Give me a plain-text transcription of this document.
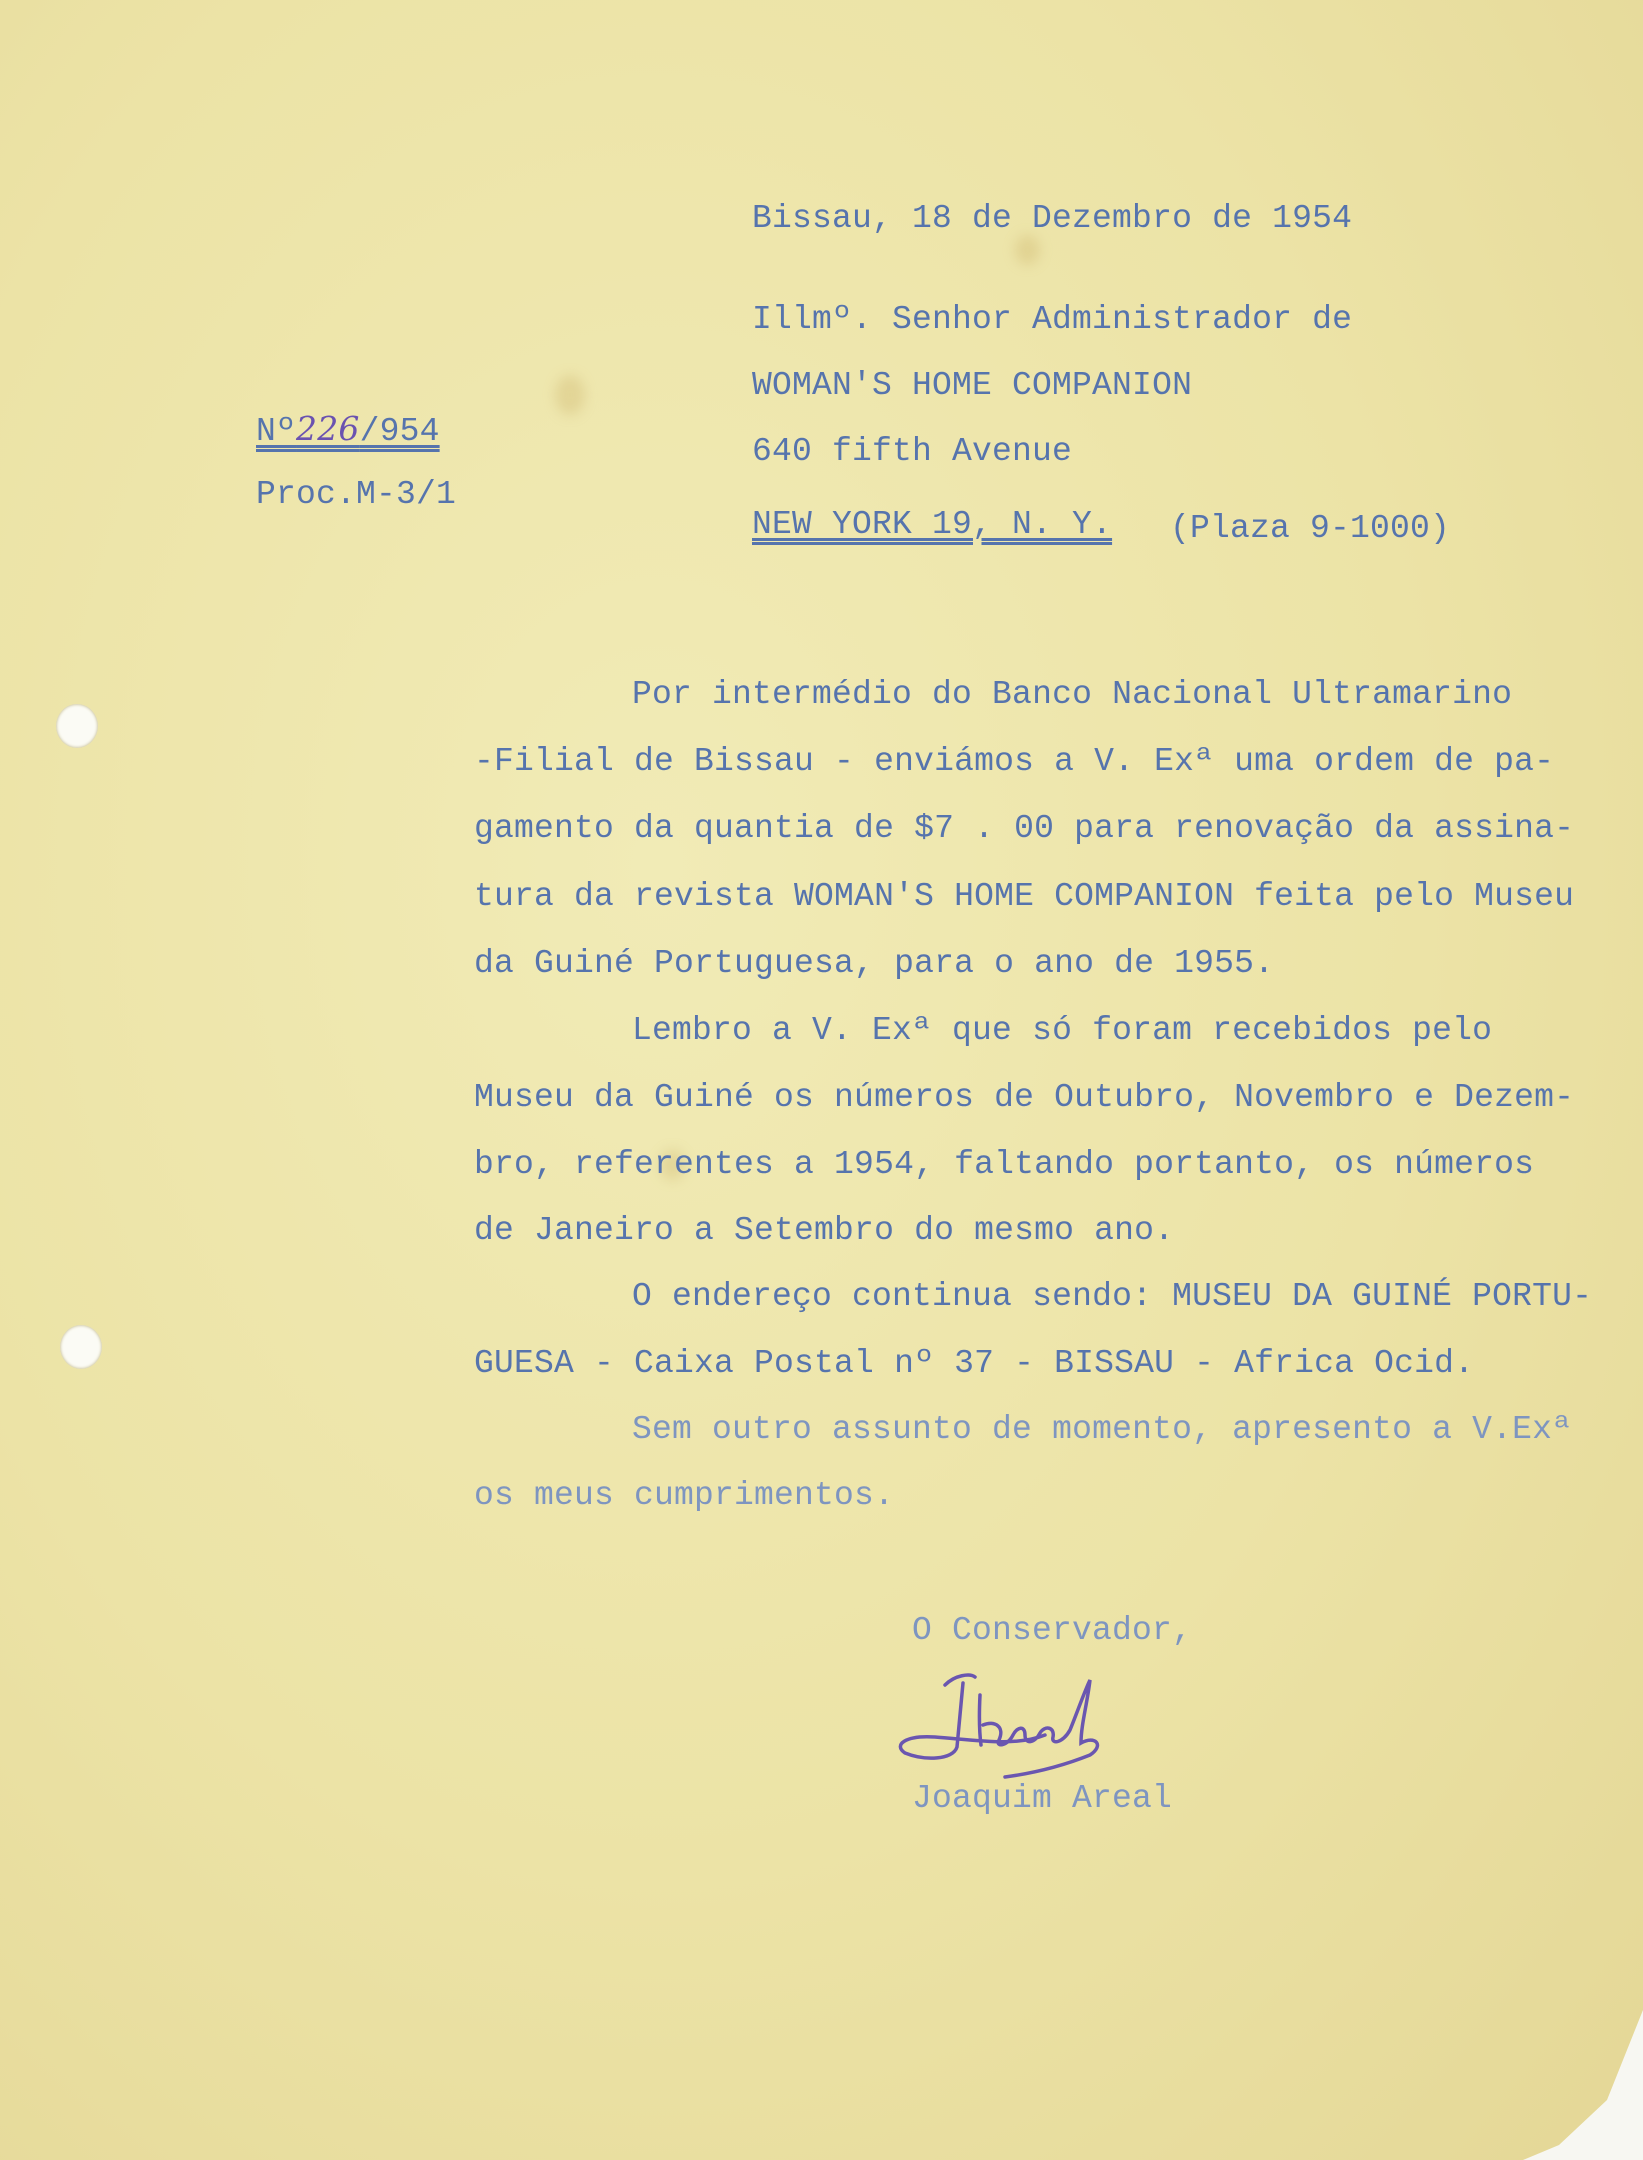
Nº226/954
Proc.M-3/1
Bissau, 18 de Dezembro de 1954
Illmº. Senhor Administrador de
WOMAN'S HOME COMPANION
640 fifth Avenue
NEW YORK 19, N. Y. (Plaza 9-1000)
Por intermédio do Banco Nacional Ultramarino
-Filial de Bissau - enviámos a V. Exª uma ordem de pa-
gamento da quantia de $7 . 00 para renovação da assina-
tura da revista WOMAN'S HOME COMPANION feita pelo Museu
da Guiné Portuguesa, para o ano de 1955.
Lembro a V. Exª que só foram recebidos pelo
Museu da Guiné os números de Outubro, Novembro e Dezem-
bro, referentes a 1954, faltando portanto, os números
de Janeiro a Setembro do mesmo ano.
O endereço continua sendo: MUSEU DA GUINÉ PORTU-
GUESA - Caixa Postal nº 37 - BISSAU - Africa Ocid.
Sem outro assunto de momento, apresento a V.Exª
os meus cumprimentos.
O Conservador,
Joaquim Areal
